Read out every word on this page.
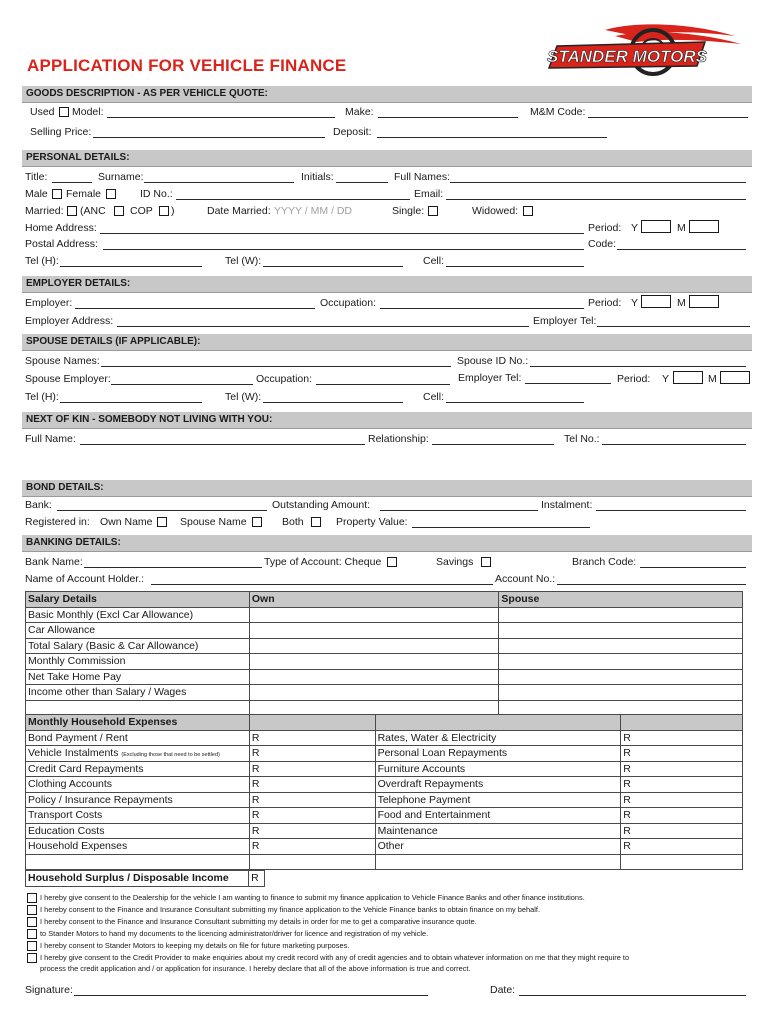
APPLICATION FOR VEHICLE FINANCE	STANDER MOTORS
GOODS DESCRIPTION - AS PER VEHICLE QUOTE:
Used Model:	Make:	M&M Code:
Selling Price:	Deposit:
PERSONAL DETAILS:
Title:	Surname:	Initials:	Full Names:
Male Female	ID No.:	Email:
Married: (ANC COP )	Date Married: YYYY / MM / DD	Single:	Widowed:
Home Address:	Period: Y	M
Postal Address:	Code:
Tel (H):	Tel (W):	Cell:
EMPLOYER DETAILS:
Employer:	Occupation:	Period: Y	M
Employer Address:	Employer Tel:
SPOUSE DETAILS (IF APPLICABLE):
Spouse Names:	Spouse ID No.:
Spouse Employer:	Occupation:	Employer Tel:	Period: Y	M
Tel (H):	Tel (W):	Cell:
NEXT OF KIN - SOMEBODY NOT LIVING WITH YOU:
Full Name:	Relationship:	Tel No.:
BOND DETAILS:
Bank:	Outstanding Amount:	Instalment:
Registered in: Own Name	Spouse Name	Both	Property Value:
BANKING DETAILS:
Bank Name:	Type of Account: Cheque	Savings	Branch Code:
Name of Account Holder.:	Account No.:
Salary Details	Own	Spouse
Basic Monthly (Excl Car Allowance)		
Car Allowance		
Total Salary (Basic & Car Allowance)		
Monthly Commission		
Net Take Home Pay		
Income other than Salary / Wages		

Monthly Household Expenses			
Bond Payment / Rent	R	Rates, Water & Electricity	R
Vehicle Instalments (Excluding those that need to be settled)	R	Personal Loan Repayments	R
Credit Card Repayments	R	Furniture Accounts	R
Clothing Accounts	R	Overdraft Repayments	R
Policy / Insurance Repayments	R	Telephone Payment	R
Transport Costs	R	Food and Entertainment	R
Education Costs	R	Maintenance	R
Household Expenses	R	Other	R

Household Surplus / Disposable Income	R
I hereby give consent to the Dealership for the vehicle I am wanting to finance to submit my finance application to Vehicle Finance Banks and other finance institutions.
I hereby consent to the Finance and Insurance Consultant submitting my finance application to the Vehicle Finance banks to obtain finance on my behalf.
I hereby consent to the Finance and Insurance Consultant submitting my details in order for me to get a comparative insurance quote.
to Stander Motors to hand my documents to the licencing administrator/driver for licence and registration of my vehicle.
I hereby consent to Stander Motors to keeping my details on file for future marketing purposes.
I hereby give consent to the Credit Provider to make enquiries about my credit record with any of credit agencies and to obtain whatever information on me that they might require to
process the credit application and / or application for insurance. I hereby declare that all of the above information is true and correct.
Signature:	Date:
